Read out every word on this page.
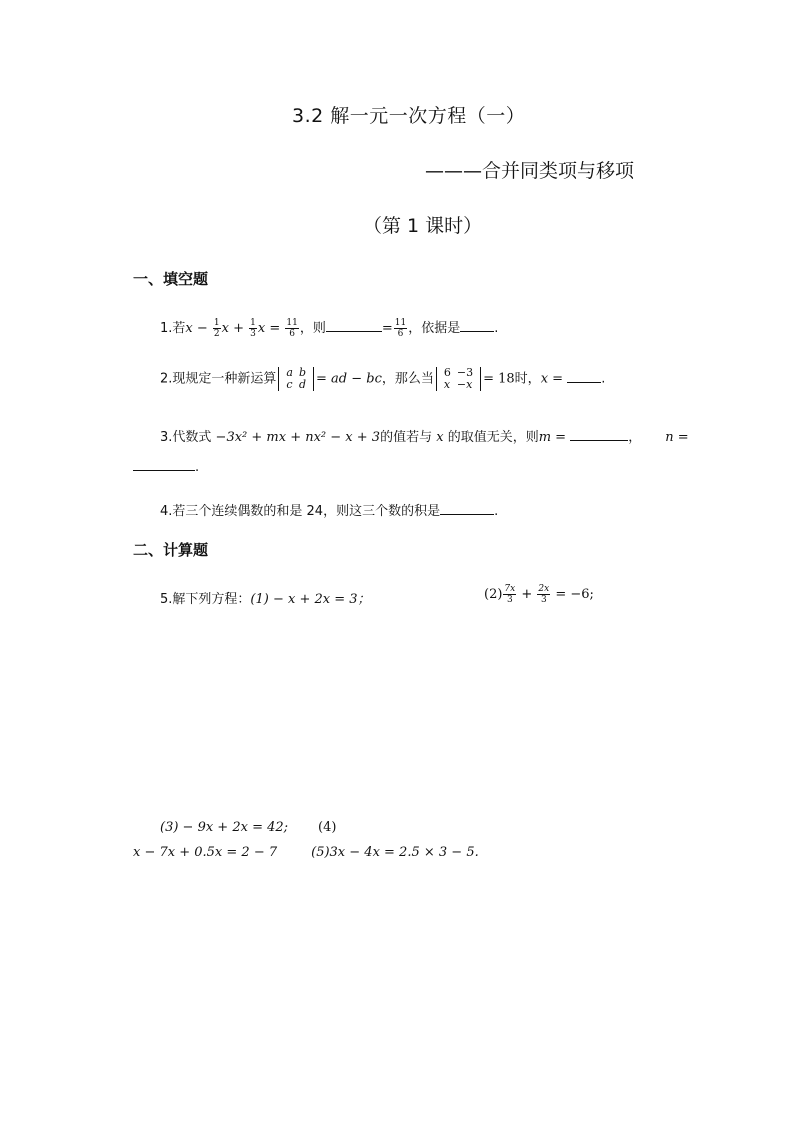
3.2 解一元一次方程（一）
———合并同类项与移项
（第 1 课时）
一、填空题
1.若$x - \frac{1}{2}$ $x + \frac{1}{3}$ $x = \frac{11}{6}$ ，则	= $\frac{11}{6}$ ，依据是	.
2.现规定一种新运算 a	b
c	d = ad − bc，那么当 6	−3
x	−x = 18时，x =	.
3.代数式 −3x² + mx + nx² − x + 3的值若与 x 的取值无关，则m =	， n =
.
4.若三个连续偶数的和是 24，则这三个数的积是	.
二、计算题
5.解下列方程：(1) − x + 2x = 3；	$(2) \frac{7x}{3} + \frac{2x}{3} = -6$;
(3) − 9x + 2x = 42; (4)
x − 7x + 0.5x = 2 − 7	(5)3x − 4x = 2.5 × 3 − 5.
